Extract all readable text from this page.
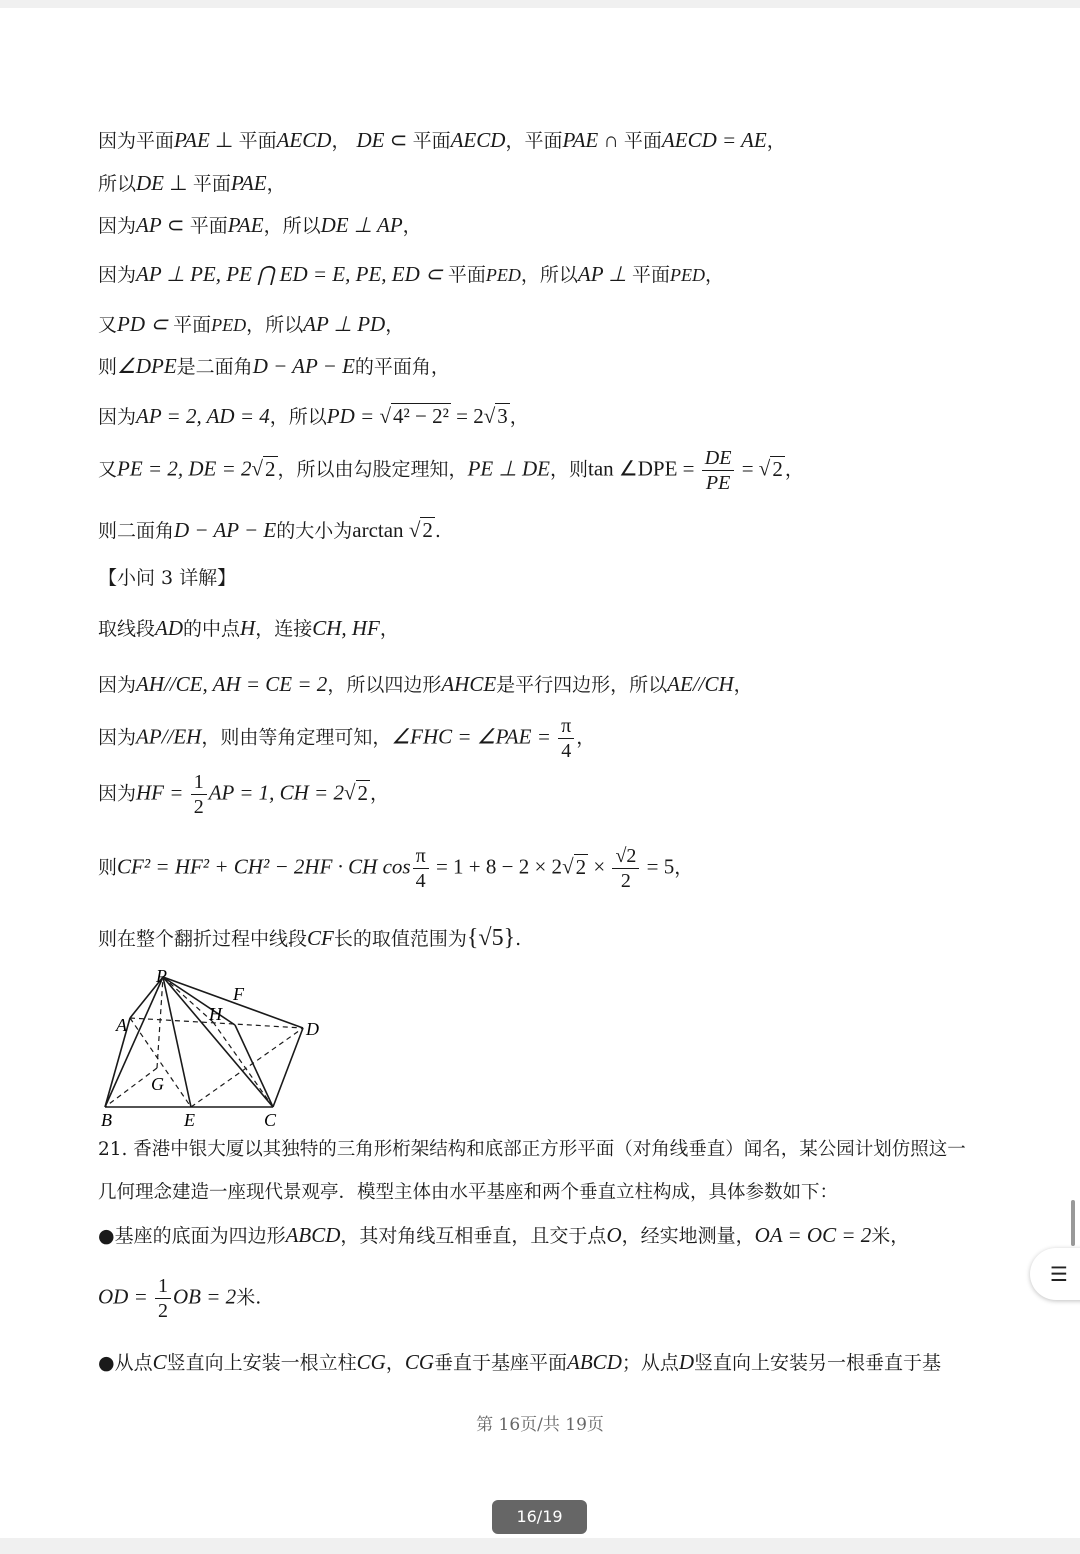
因为平面PAE ⊥ 平面AECD， DE ⊂ 平面AECD，平面PAE ∩ 平面AECD = AE，
所以DE ⊥ 平面PAE，
因为AP ⊂ 平面PAE，所以DE ⊥ AP，
因为AP ⊥ PE, PE ⋂ ED = E, PE, ED ⊂ 平面PED，所以AP ⊥ 平面PED，
又PD ⊂ 平面PED，所以AP ⊥ PD，
则∠DPE是二面角D − AP − E的平面角，
因为AP = 2, AD = 4，所以PD = √4² − 2² = 2√3 ，
又PE = 2, DE = 2√2 ，所以由勾股定理知，PE ⊥ DE，则tan ∠DPE = $\frac{DE}{PE} = √2$ ，
则二面角D − AP − E的大小为arctan √2 .
【小问 3 详解】
取线段AD的中点H，连接CH, HF，
因为AH//CE, AH = CE = 2，所以四边形AHCE是平行四边形，所以AE//CH，
因为AP//EH，则由等角定理可知，∠FHC = ∠PAE = $\frac{\pi}{4}$ ，
因为HF = $\frac{1}{2}$ AP = 1, CH = 2√2 ，
则CF² = HF² + CH² − 2HF · CH $\cos \frac{\pi}{4} = 1 + 8 - 2 \times 2√2 \times \frac{√2}{2} = 5$，
则在整个翻折过程中线段CF长的取值范围为{√5}.
P
F
H
A	D
G
B	E	C
21. 香港中银大厦以其独特的三角形桁架结构和底部正方形平面（对角线垂直）闻名，某公园计划仿照这一
几何理念建造一座现代景观亭．模型主体由水平基座和两个垂直立柱构成，具体参数如下：
●基座的底面为四边形ABCD，其对角线互相垂直，且交于点O，经实地测量，OA = OC = 2米，
OD = $\frac{1}{2}$ OB = 2米.
●从点C竖直向上安装一根立柱CG，CG垂直于基座平面ABCD；从点D竖直向上安装另一根垂直于基
第 16页/共 19页
☰
16/19
